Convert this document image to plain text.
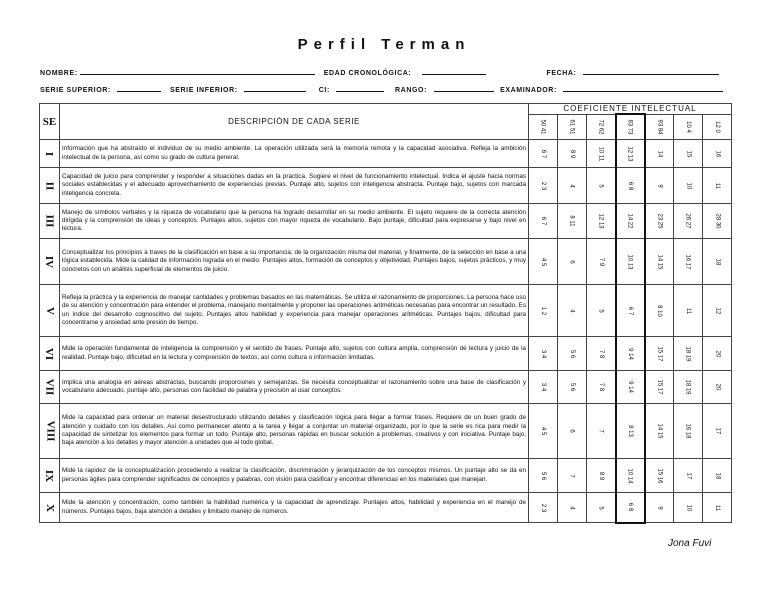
Perfil Terman
NOMBRE:	EDAD CRONOLÓGICA:	FECHA:
SERIE SUPERIOR:	SERIE INFERIOR:	CI:	RANGO:	EXAMINADOR:
SE	DESCRIPCIÓN DE CADA SERIE	COEFICIENTE INTELECTUAL						
		50 41	61 51	72 62	83 73	93 84	10 4	12 0
I	Información que ha abstraído el individuo de su medio ambiente. La operación utilizada será la memoria remota y la capacidad asociativa. Refleja la ambición intelectual de la persona, así como su grado de cultura general.	6 7	8 9	10 11	12 13	14	15	16
II	Capacidad de juicio para comprender y responder a situaciones dadas en la práctica. Sugiere el nivel de funcionamiento intelectual. Indica el ajuste hacia normas sociales establecidas y el adecuado aprovechamiento de experiencias previas. Puntaje alto, sujetos con inteligencia abstracta. Puntaje bajo, sujetos con marcada inteligencia concreta.	2 3	4	5	6 8	9	10	11
III	Manejo de símbolos verbales y la riqueza de vocabulario que la persona ha logrado desarrollar en su medio ambiente. El sujeto requiere de la correcta atención dirigida y la comprensión de ideas y conceptos. Puntajes altos, sujetos con mayor riqueza de vocabulario. Bajo puntaje, dificultad para expresarse y bajo nivel en lectura.	6 7	8 11	12 13	14 22	23 25	26 27	28 30
IV	Conceptualizar los principios a traves de la clasificación en base a su importancia; de la organización misma del material, y finalmente, de la selección en base a una lógica establecida. Mide la calidad de información lograda en el medio. Puntajes altos, formación de conceptos y objetividad. Puntajes bajos, sujetos prácticos, y muy concretos con un análisis superficial de elementos de juicio.	4 5	6	7 9	10 13	14 15	16 17	18
V	Refleja la práctica y la experiencia de manejar cantidades y problemas basados en las matemáticas. Se utiliza el razonamiento de proporciones. La persona hace uso de su atención y concentración para entender el problema, manejario mentalmente y proponer las operaciones aritméticas necesarias para encontrar un resultado. Es un índice del desarrollo cognoscitivo del sujeto. Puntajes altos habilidad y experiencia para manejar operaciones aritméticas. Puntajes bajos, dificultad para concentrarse y ansiedad ante presión de tiempo.	1 2	4	5	6 7	8 10	11	12
VI	Mide la operación fundamental de inteligencia la comprensión y el sentido de frases. Puntaje alto, sujetos con cultura amplia, comprensión de lectura y juicio de la realidad. Puntaje bajo, dificultad en la lectura y comprensión de textos, así como cultura o información limitadas.	3 4	5 6	7 8	9 14	15 17	18 19	20
VII	Implica una analogía en aéreas abstractas, buscando proporciones y semejanzas. Se necesita conceptualizar el razonamiento sobre una base de clasificación y vocabulario adecuado. puntaje alto, personas con facilidad de palabra y precisión al usar conceptos.	3 4	5 6	7 8	9 14	15 17	18 19	20
VIII	Mide la capacidad para ordenar un material desestructurado utilizando detalles y clasificación lógica para llegar a formar frases. Requiere de un buen grado de atención y cuidado con los detalles. Así como permanecer atento a la tarea y llegar a conjuntar un material organizado, por lo que la serie es rica para medir la capacidad de sintetizar los elementos para formar un todo. Puntaje alto, personas rápidas en buscar solución a problemas, creativos y con iniciativa. Puntaje bajo, baja atención a los detalles y mayor atención a unidades que al todo global.	4 5	6	7	8 13	14 15	16 18	17
IX	Mide la rapidez de la conceptualización procediendo a realizar la clasificación, discriminación y jerarquización de los conceptos mismos. Un puntaje alto se da en personas ágiles para comprender significados de conceptos y palabras, con visión para clasificar y encontrar diferencias en los materiales que manejan.	5 6	7	8 9	10 14	15 16	17	18
X	Mide la atención y concentración, como también la habilidad numérica y la capacidad de aprendizaje. Puntajes altos, habilidad y experiencia en el manejo de números. Puntajes bajos, baja atención a detalles y limitado manejo de números.	2 3	4	5	6 8	9	10	11
Jona Fuvi
